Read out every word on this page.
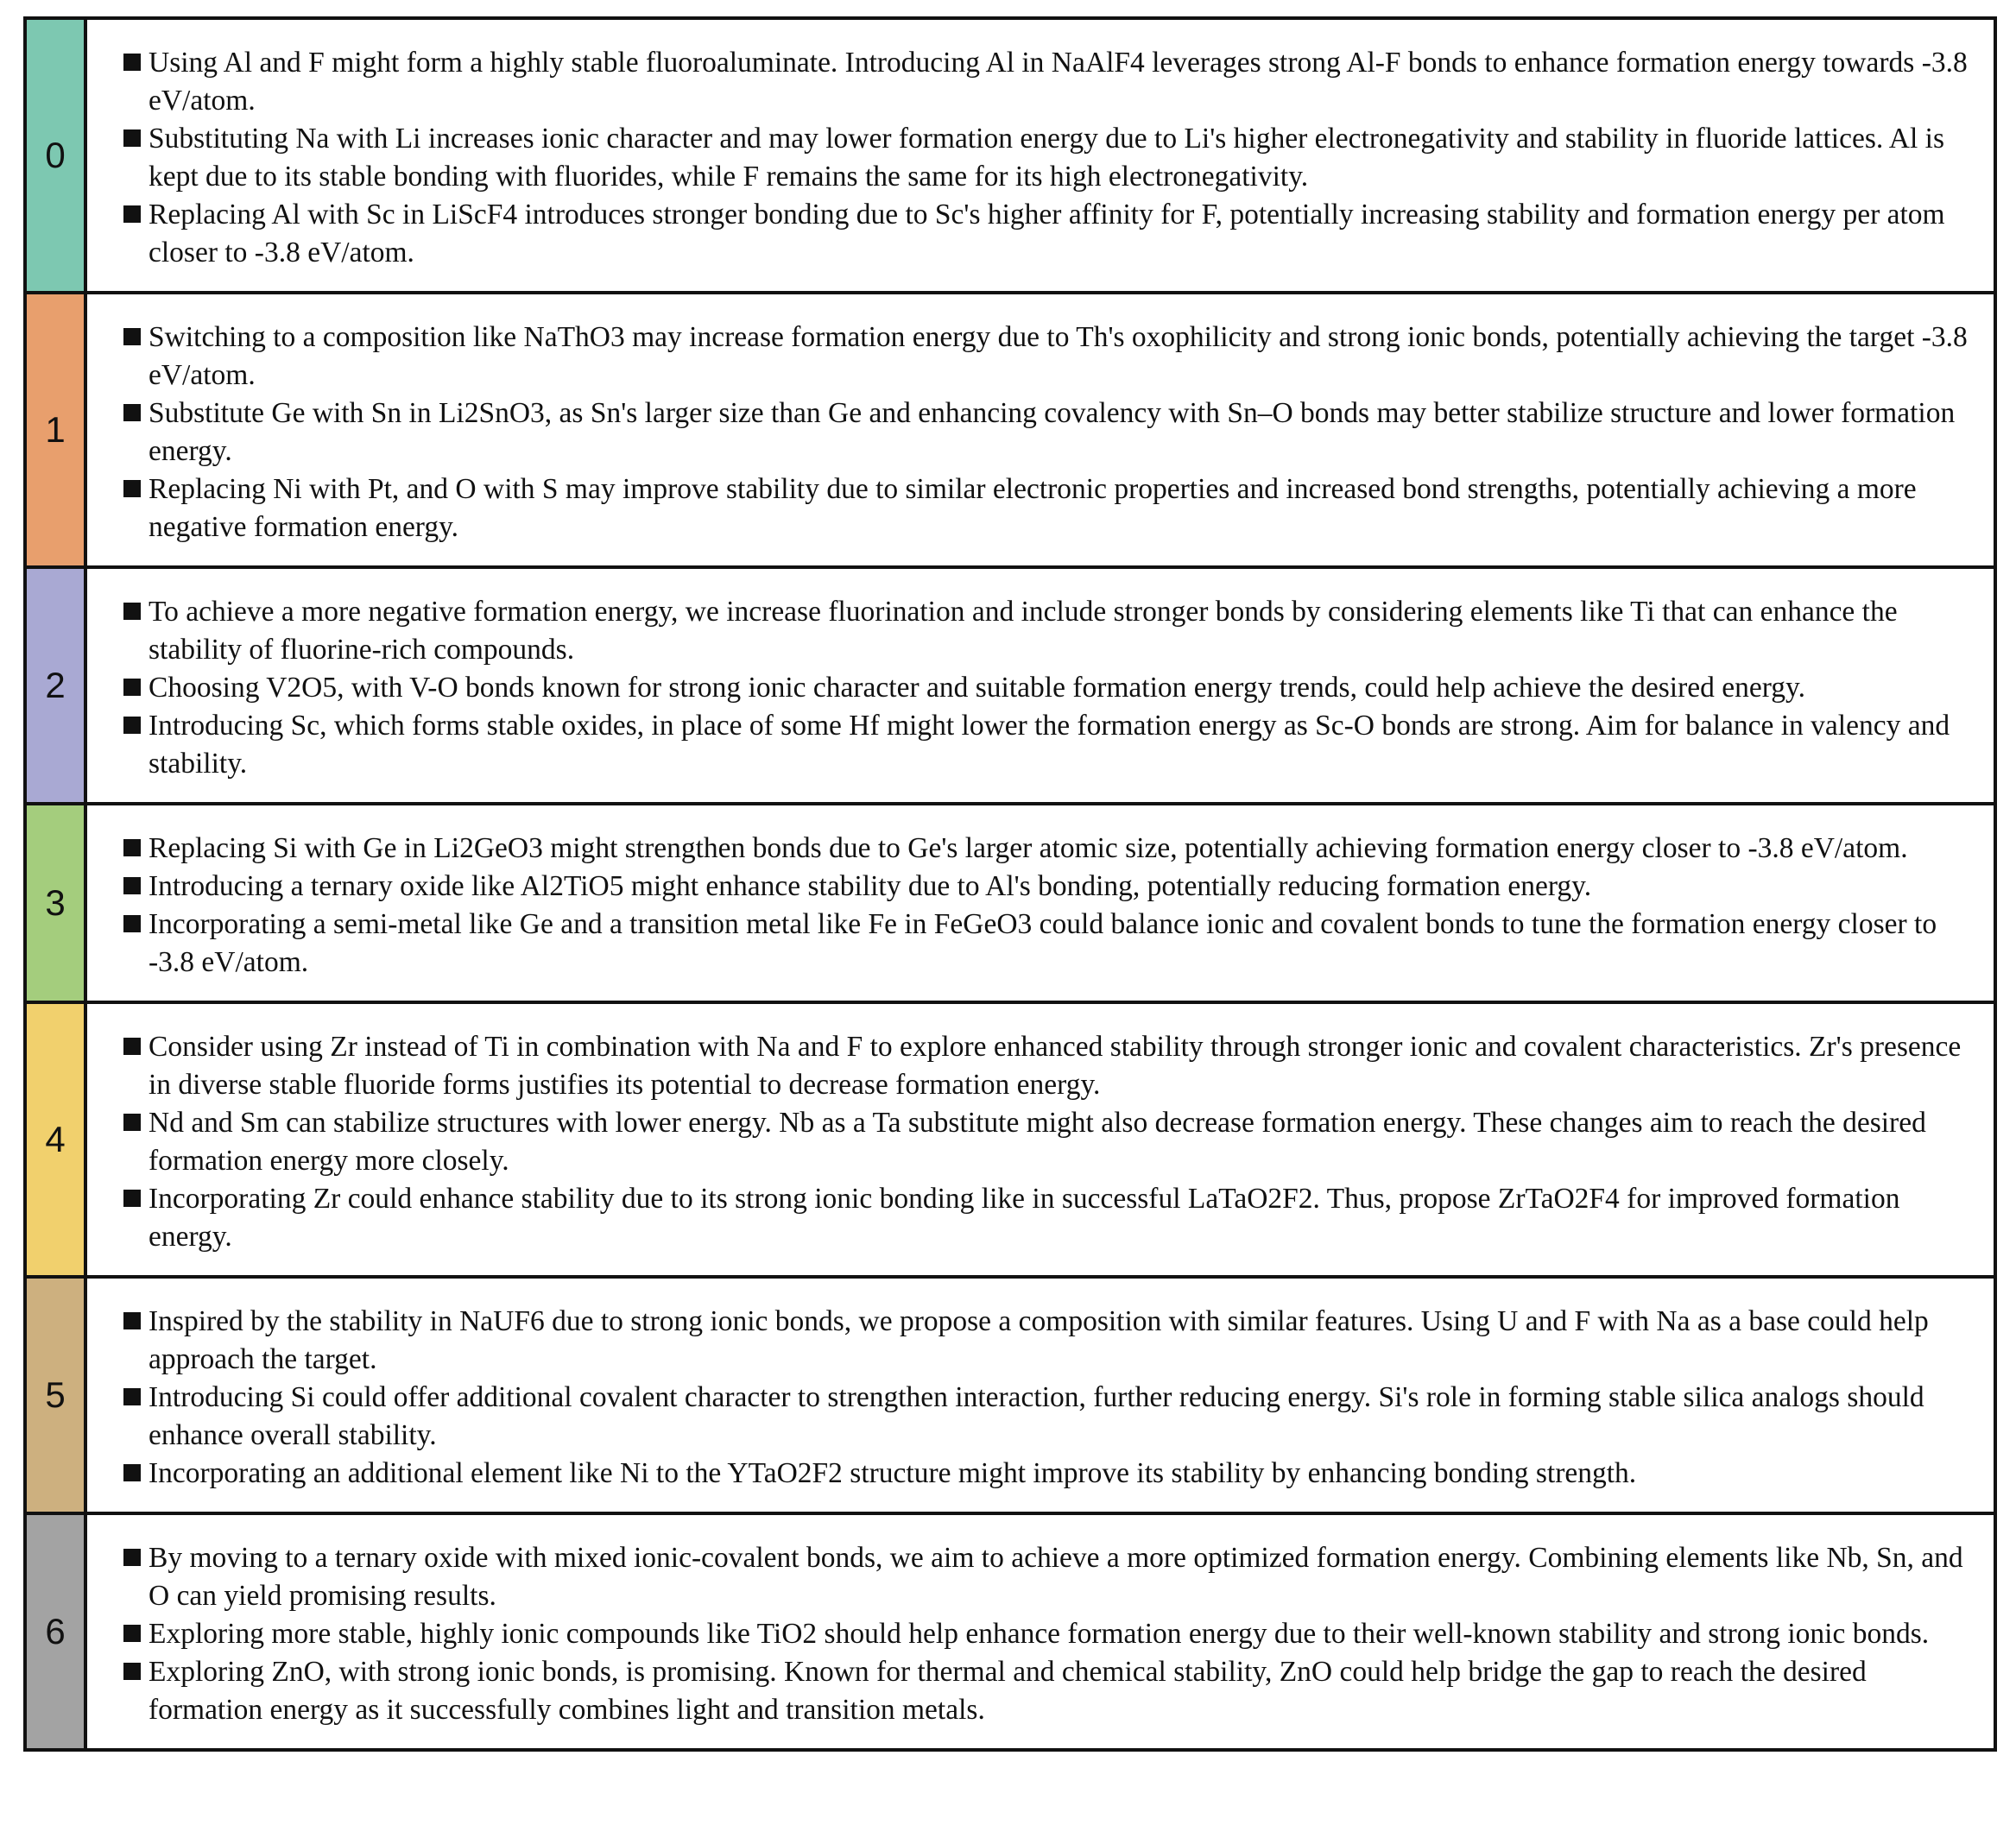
0
Using Al and F might form a highly stable fluoroaluminate. Introducing Al in NaAlF4 leverages strong Al-F bonds to enhance formation energy towards -3.8 eV/atom.
Substituting Na with Li increases ionic character and may lower formation energy due to Li's higher electronegativity and stability in fluoride lattices. Al is kept due to its stable bonding with fluorides, while F remains the same for its high electronegativity.
Replacing Al with Sc in LiScF4 introduces stronger bonding due to Sc's higher affinity for F, potentially increasing stability and formation energy per atom closer to -3.8 eV/atom.
1
Switching to a composition like NaThO3 may increase formation energy due to Th's oxophilicity and strong ionic bonds, potentially achieving the target -3.8 eV/atom.
Substitute Ge with Sn in Li2SnO3, as Sn's larger size than Ge and enhancing covalency with Sn–O bonds may better stabilize structure and lower formation energy.
Replacing Ni with Pt, and O with S may improve stability due to similar electronic properties and increased bond strengths, potentially achieving a more negative formation energy.
2
To achieve a more negative formation energy, we increase fluorination and include stronger bonds by considering elements like Ti that can enhance the stability of fluorine-rich compounds.
Choosing V2O5, with V-O bonds known for strong ionic character and suitable formation energy trends, could help achieve the desired energy.
Introducing Sc, which forms stable oxides, in place of some Hf might lower the formation energy as Sc-O bonds are strong. Aim for balance in valency and stability.
3
Replacing Si with Ge in Li2GeO3 might strengthen bonds due to Ge's larger atomic size, potentially achieving formation energy closer to -3.8 eV/atom.
Introducing a ternary oxide like Al2TiO5 might enhance stability due to Al's bonding, potentially reducing formation energy.
Incorporating a semi-metal like Ge and a transition metal like Fe in FeGeO3 could balance ionic and covalent bonds to tune the formation energy closer to -3.8 eV/atom.
4
Consider using Zr instead of Ti in combination with Na and F to explore enhanced stability through stronger ionic and covalent characteristics. Zr's presence in diverse stable fluoride forms justifies its potential to decrease formation energy.
Nd and Sm can stabilize structures with lower energy. Nb as a Ta substitute might also decrease formation energy. These changes aim to reach the desired formation energy more closely.
Incorporating Zr could enhance stability due to its strong ionic bonding like in successful LaTaO2F2. Thus, propose ZrTaO2F4 for improved formation energy.
5
Inspired by the stability in NaUF6 due to strong ionic bonds, we propose a composition with similar features. Using U and F with Na as a base could help approach the target.
Introducing Si could offer additional covalent character to strengthen interaction, further reducing energy. Si's role in forming stable silica analogs should enhance overall stability.
Incorporating an additional element like Ni to the YTaO2F2 structure might improve its stability by enhancing bonding strength.
6
By moving to a ternary oxide with mixed ionic-covalent bonds, we aim to achieve a more optimized formation energy. Combining elements like Nb, Sn, and O can yield promising results.
Exploring more stable, highly ionic compounds like TiO2 should help enhance formation energy due to their well-known stability and strong ionic bonds.
Exploring ZnO, with strong ionic bonds, is promising. Known for thermal and chemical stability, ZnO could help bridge the gap to reach the desired formation energy as it successfully combines light and transition metals.
